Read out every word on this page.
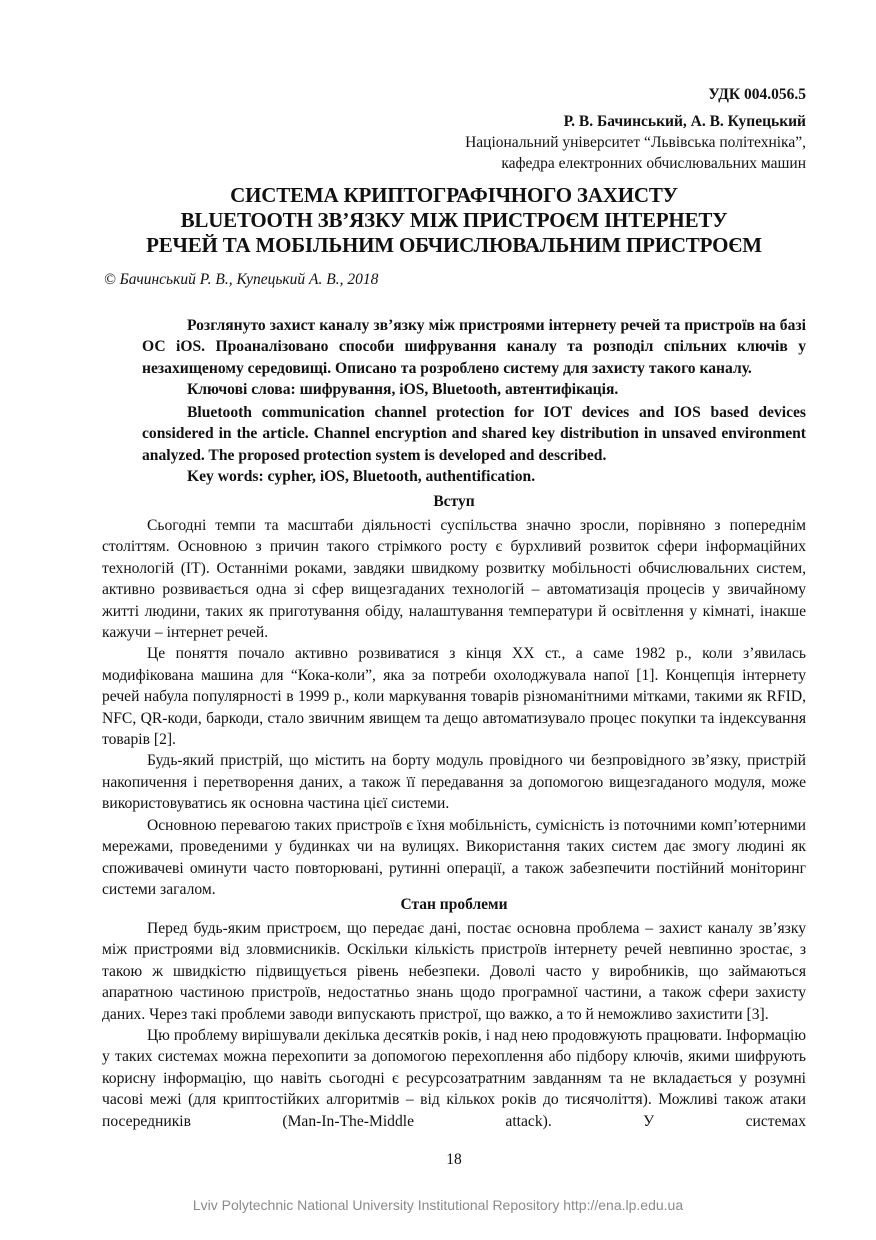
УДК 004.056.5
Р. В. Бачинський, А. В. Купецький
Національний університет “Львівська політехніка”,
кафедра електронних обчислювальних машин
СИСТЕМА КРИПТОГРАФІЧНОГО ЗАХИСТУ
BLUETOOTH ЗВ’ЯЗКУ МІЖ ПРИСТРОЄМ ІНТЕРНЕТУ
РЕЧЕЙ ТА МОБІЛЬНИМ ОБЧИСЛЮВАЛЬНИМ ПРИСТРОЄМ
© Бачинський Р. В., Купецький А. В., 2018

Розглянуто захист каналу зв’язку між пристроями інтернету речей та пристроїв на базі ОС iOS. Проаналізовано способи шифрування каналу та розподіл спільних ключів у незахищеному середовищі. Описано та розроблено систему для захисту такого каналу.

Ключові слова: шифрування, iOS, Bluetooth, автентифікація.

Bluetooth communication channel protection for IOT devices and IOS based devices considered in the article. Channel encryption and shared key distribution in unsaved environment analyzed. The proposed protection system is developed and described.

Key words: cypher, iOS, Bluetooth, authentification.

Вступ

Сьогодні темпи та масштаби діяльності суспільства значно зросли, порівняно з попереднім століттям. Основною з причин такого стрімкого росту є бурхливий розвиток сфери інформаційних технологій (ІТ). Останніми роками, завдяки швидкому розвитку мобільності обчислювальних систем, активно розвивається одна зі сфер вищезгаданих технологій – автоматизація процесів у звичайному житті людини, таких як приготування обіду, налаштування температури й освітлення у кімнаті, інакше кажучи – інтернет речей.

Це поняття почало активно розвиватися з кінця XX ст., а саме 1982 р., коли з’явилась модифікована машина для “Кока-коли”, яка за потреби охолоджувала напої [1]. Концепція інтернету речей набула популярності в 1999 р., коли маркування товарів різноманітними мітками, такими як RFID, NFC, QR-коди, баркоди, стало звичним явищем та дещо автоматизувало процес покупки та індексування товарів [2].

Будь-який пристрій, що містить на борту модуль провідного чи безпровідного зв’язку, пристрій накопичення і перетворення даних, а також її передавання за допомогою вищезгаданого модуля, може використовуватись як основна частина цієї системи.

Основною перевагою таких пристроїв є їхня мобільність, сумісність із поточними комп’ютерними мережами, проведеними у будинках чи на вулицях. Використання таких систем дає змогу людині як споживачеві оминути часто повторювані, рутинні операції, а також забезпечити постійний моніторинг системи загалом.

Стан проблеми

Перед будь-яким пристроєм, що передає дані, постає основна проблема – захист каналу зв’язку між пристроями від зловмисників. Оскільки кількість пристроїв інтернету речей невпинно зростає, з такою ж швидкістю підвищується рівень небезпеки. Доволі часто у виробників, що займаються апаратною частиною пристроїв, недостатньо знань щодо програмної частини, а також сфери захисту даних. Через такі проблеми заводи випускають пристрої, що важко, а то й неможливо захистити [3].

Цю проблему вирішували декілька десятків років, і над нею продовжують працювати. Інформацію у таких системах можна перехопити за допомогою перехоплення або підбору ключів, якими шифрують корисну інформацію, що навіть сьогодні є ресурсозатратним завданням та не вкладається у розумні часові межі (для криптостійких алгоритмів – від кількох років до тисячоліття). Можливі також атаки посередників (Man-In-The-Middle attack). У системах

18
Lviv Polytechnic National University Institutional Repository http://ena.lp.edu.ua
